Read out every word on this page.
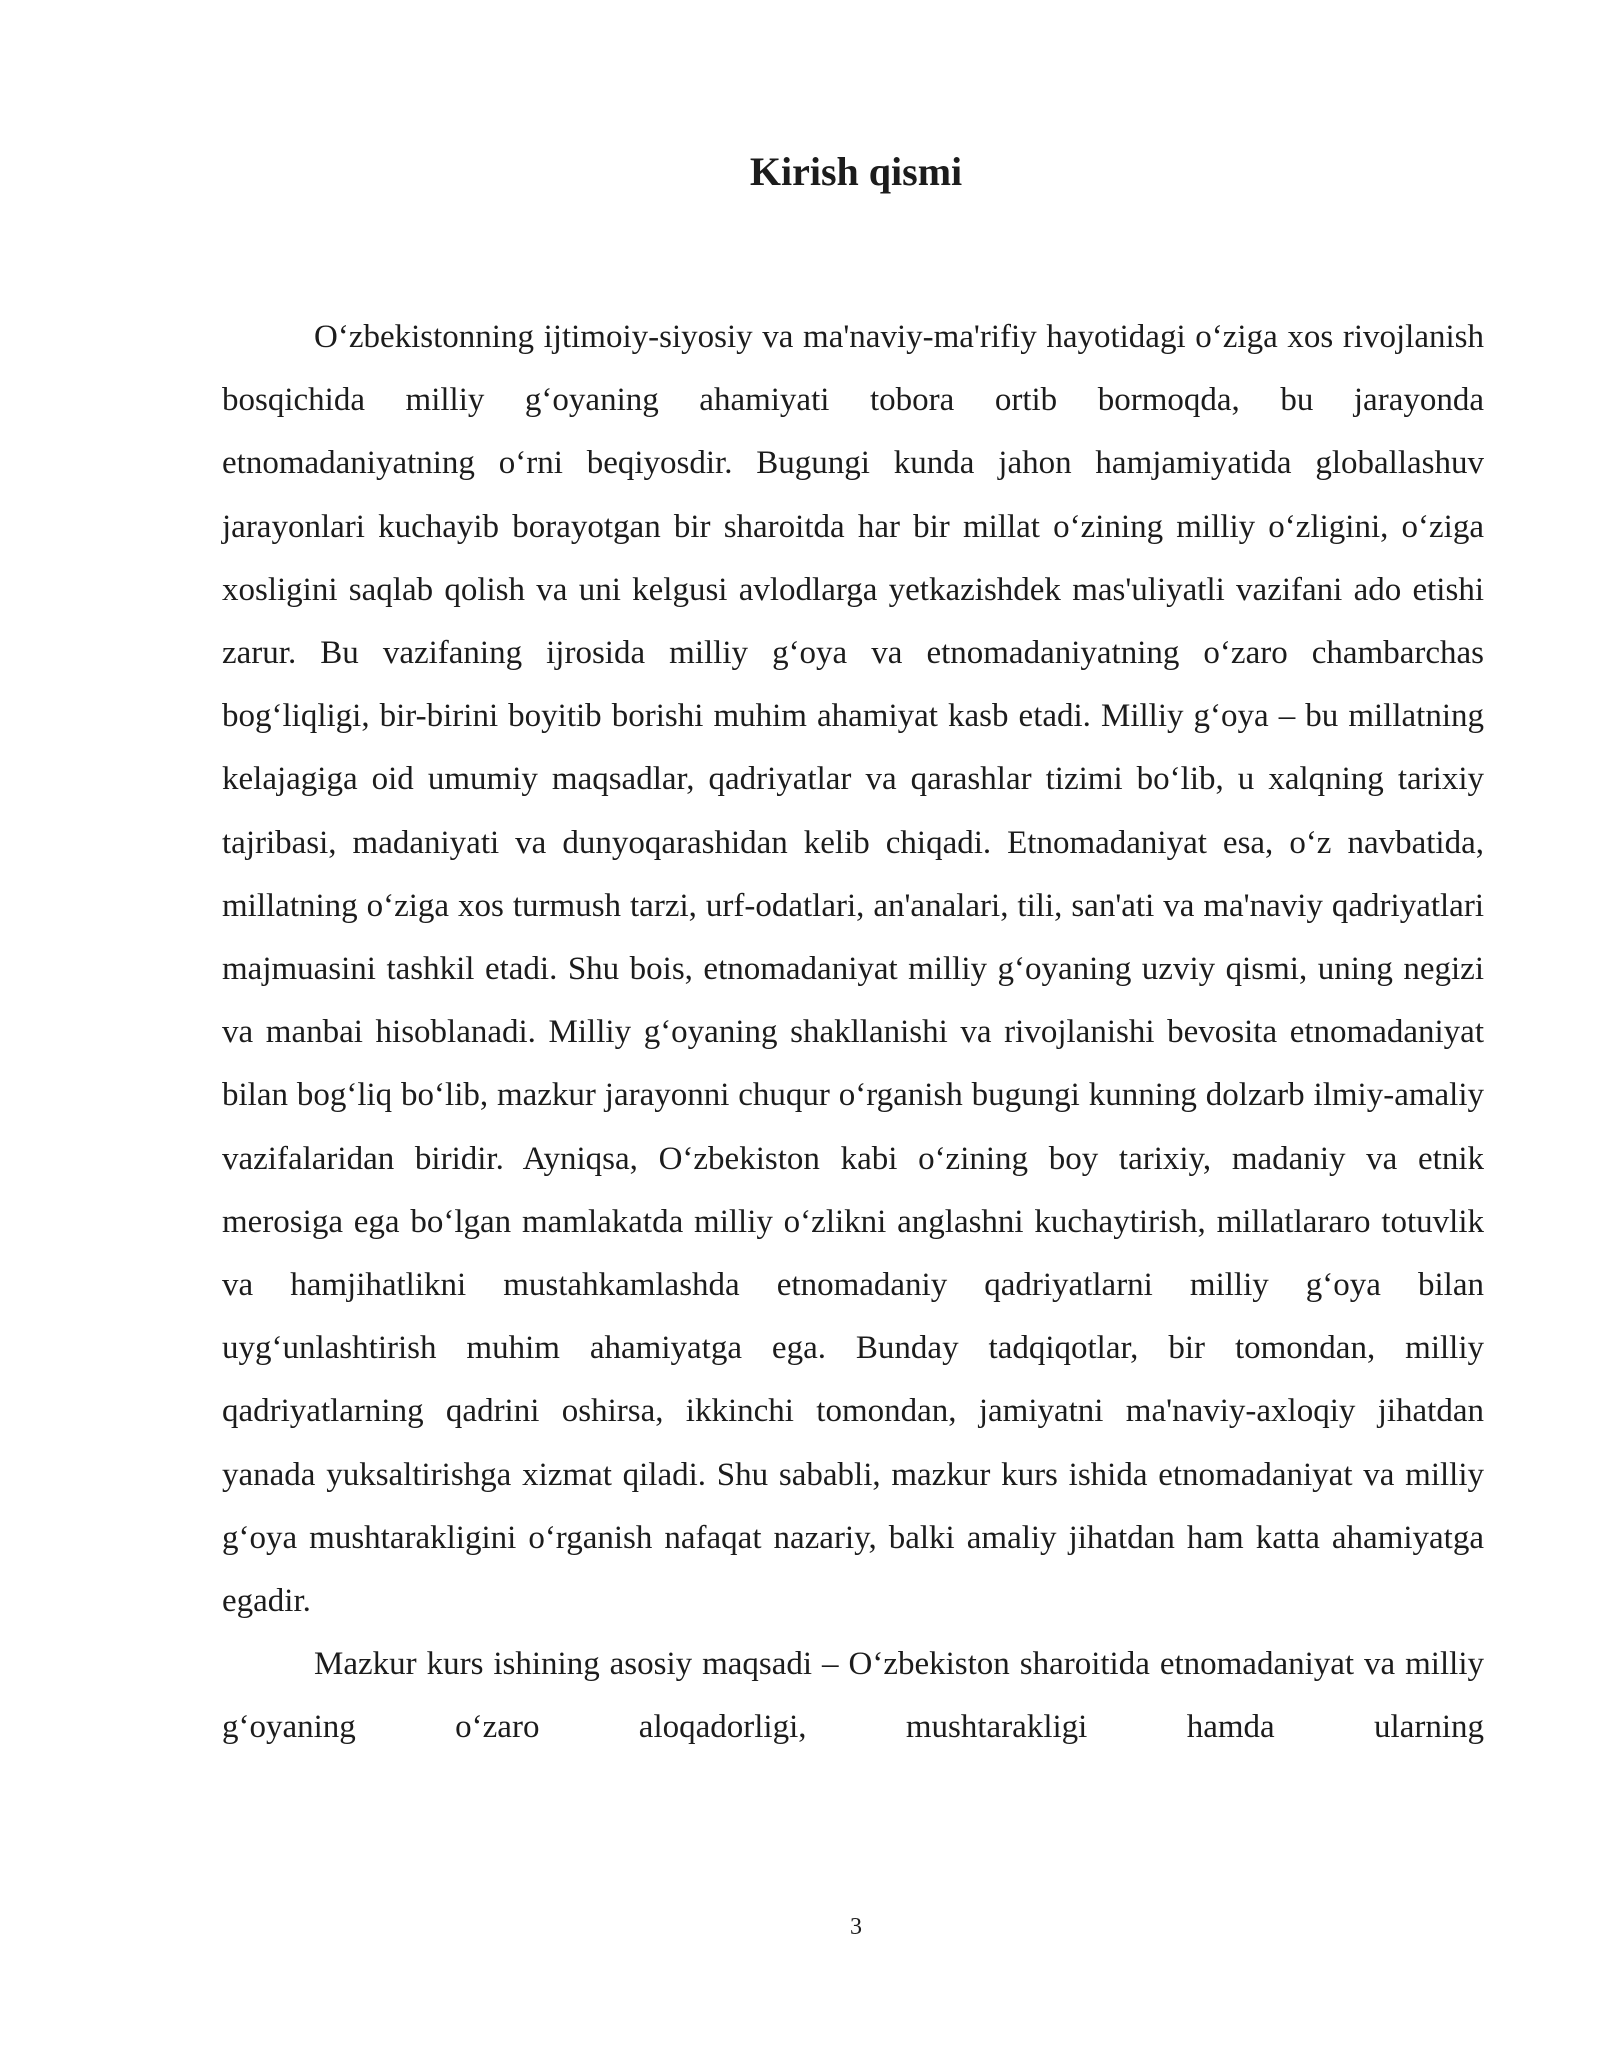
Kirish qismi

O‘zbekistonning ijtimoiy-siyosiy va ma'naviy-ma'rifiy hayotidagi o‘ziga xos rivojlanish bosqichida milliy g‘oyaning ahamiyati tobora ortib bormoqda, bu jarayonda etnomadaniyatning o‘rni beqiyosdir. Bugungi kunda jahon hamjamiyatida globallashuv jarayonlari kuchayib borayotgan bir sharoitda har bir millat o‘zining milliy o‘zligini, o‘ziga xosligini saqlab qolish va uni kelgusi avlodlarga yetkazishdek mas'uliyatli vazifani ado etishi zarur. Bu vazifaning ijrosida milliy g‘oya va etnomadaniyatning o‘zaro chambarchas bog‘liqligi, bir-birini boyitib borishi muhim ahamiyat kasb etadi. Milliy g‘oya – bu millatning kelajagiga oid umumiy maqsadlar, qadriyatlar va qarashlar tizimi bo‘lib, u xalqning tarixiy tajribasi, madaniyati va dunyoqarashidan kelib chiqadi. Etnomadaniyat esa, o‘z navbatida, millatning o‘ziga xos turmush tarzi, urf-odatlari, an'analari, tili, san'ati va ma'naviy qadriyatlari majmuasini tashkil etadi. Shu bois, etnomadaniyat milliy g‘oyaning uzviy qismi, uning negizi va manbai hisoblanadi. Milliy g‘oyaning shakllanishi va rivojlanishi bevosita etnomadaniyat bilan bog‘liq bo‘lib, mazkur jarayonni chuqur o‘rganish bugungi kunning dolzarb ilmiy-amaliy vazifalaridan biridir. Ayniqsa, O‘zbekiston kabi o‘zining boy tarixiy, madaniy va etnik merosiga ega bo‘lgan mamlakatda milliy o‘zlikni anglashni kuchaytirish, millatlararo totuvlik va hamjihatlikni mustahkamlashda etnomadaniy qadriyatlarni milliy g‘oya bilan uyg‘unlashtirish muhim ahamiyatga ega. Bunday tadqiqotlar, bir tomondan, milliy qadriyatlarning qadrini oshirsa, ikkinchi tomondan, jamiyatni ma'naviy-axloqiy jihatdan yanada yuksaltirishga xizmat qiladi. Shu sababli, mazkur kurs ishida etnomadaniyat va milliy g‘oya mushtarakligini o‘rganish nafaqat nazariy, balki amaliy jihatdan ham katta ahamiyatga egadir.

Mazkur kurs ishining asosiy maqsadi – O‘zbekiston sharoitida etnomadaniyat va milliy g‘oyaning o‘zaro aloqadorligi, mushtarakligi hamda ularning

3
